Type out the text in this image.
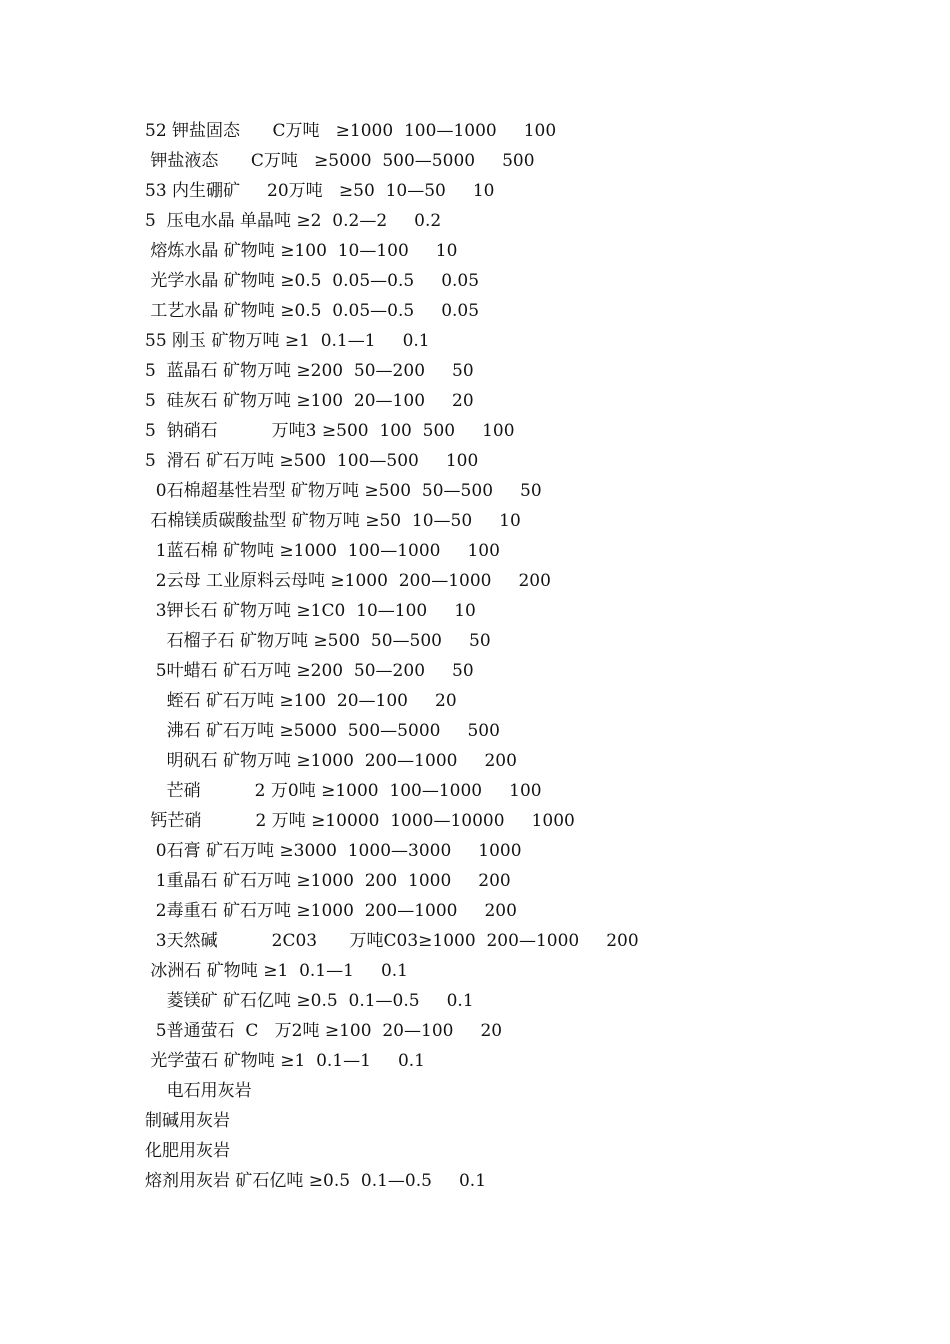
52 钾盐固态      C万吨   ≥1000  100—1000     100
钾盐液态      C万吨   ≥5000  500—5000     500
53 内生硼矿     20万吨   ≥50  10—50     10
5  压电水晶 单晶吨 ≥2  0.2—2     0.2
熔炼水晶 矿物吨 ≥100  10—100     10
光学水晶 矿物吨 ≥0.5  0.05—0.5     0.05
工艺水晶 矿物吨 ≥0.5  0.05—0.5     0.05
55 刚玉 矿物万吨 ≥1  0.1—1     0.1
5  蓝晶石 矿物万吨 ≥200  50—200     50
5  硅灰石 矿物万吨 ≥100  20—100     20
5  钠硝石          万吨3 ≥500  100  500     100
5  滑石 矿石万吨 ≥500  100—500     100
0石棉超基性岩型 矿物万吨 ≥500  50—500     50
石棉镁质碳酸盐型 矿物万吨 ≥50  10—50     10
1蓝石棉 矿物吨 ≥1000  100—1000     100
2云母 工业原料云母吨 ≥1000  200—1000     200
3钾长石 矿物万吨 ≥1C0  10—100     10
石榴子石 矿物万吨 ≥500  50—500     50
5叶蜡石 矿石万吨 ≥200  50—200     50
蛭石 矿石万吨 ≥100  20—100     20
沸石 矿石万吨 ≥5000  500—5000     500
明矾石 矿物万吨 ≥1000  200—1000     200
芒硝          2 万0吨 ≥1000  100—1000     100
钙芒硝          2 万吨 ≥10000  1000—10000     1000
0石膏 矿石万吨 ≥3000  1000—3000     1000
1重晶石 矿石万吨 ≥1000  200  1000     200
2毒重石 矿石万吨 ≥1000  200—1000     200
3天然碱          2C03      万吨C03≥1000  200—1000     200
冰洲石 矿物吨 ≥1  0.1—1     0.1
菱镁矿 矿石亿吨 ≥0.5  0.1—0.5     0.1
5普通萤石  C   万2吨 ≥100  20—100     20
光学萤石 矿物吨 ≥1  0.1—1     0.1
电石用灰岩
制碱用灰岩
化肥用灰岩
熔剂用灰岩 矿石亿吨 ≥0.5  0.1—0.5     0.1
